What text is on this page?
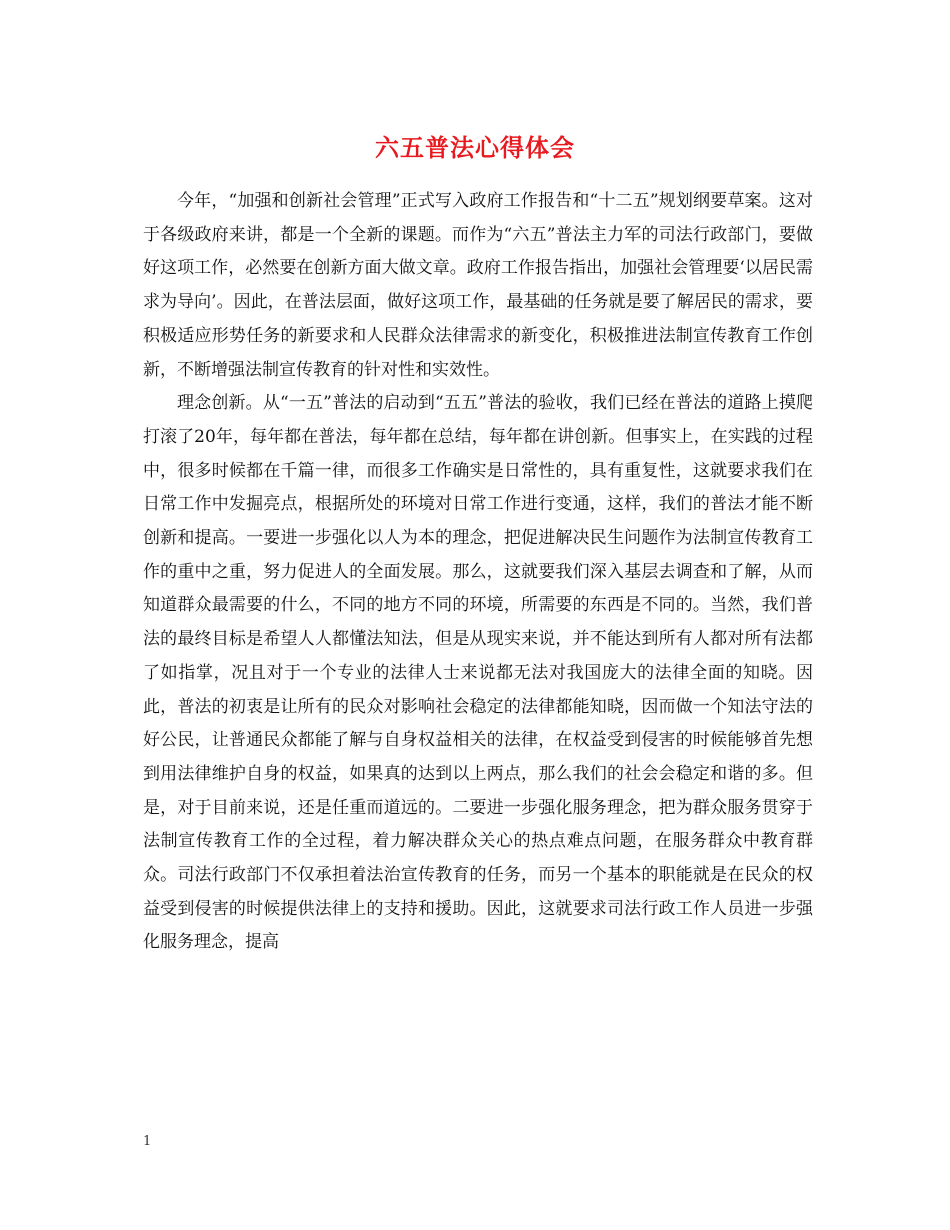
六五普法心得体会

今年，“加强和创新社会管理”正式写入政府工作报告和“十二五”规划纲要草案。这对于各级政府来讲，都是一个全新的课题。而作为“六五”普法主力军的司法行政部门，要做好这项工作，必然要在创新方面大做文章。政府工作报告指出，加强社会管理要‘以居民需求为导向’。因此，在普法层面，做好这项工作，最基础的任务就是要了解居民的需求，要积极适应形势任务的新要求和人民群众法律需求的新变化，积极推进法制宣传教育工作创新，不断增强法制宣传教育的针对性和实效性。

理念创新。从“一五”普法的启动到“五五”普法的验收，我们已经在普法的道路上摸爬打滚了20年，每年都在普法，每年都在总结，每年都在讲创新。但事实上，在实践的过程中，很多时候都在千篇一律，而很多工作确实是日常性的，具有重复性，这就要求我们在日常工作中发掘亮点，根据所处的环境对日常工作进行变通，这样，我们的普法才能不断创新和提高。一要进一步强化以人为本的理念，把促进解决民生问题作为法制宣传教育工作的重中之重，努力促进人的全面发展。那么，这就要我们深入基层去调查和了解，从而知道群众最需要的什么，不同的地方不同的环境，所需要的东西是不同的。当然，我们普法的最终目标是希望人人都懂法知法，但是从现实来说，并不能达到所有人都对所有法都了如指掌，况且对于一个专业的法律人士来说都无法对我国庞大的法律全面的知晓。因此，普法的初衷是让所有的民众对影响社会稳定的法律都能知晓，因而做一个知法守法的好公民，让普通民众都能了解与自身权益相关的法律，在权益受到侵害的时候能够首先想到用法律维护自身的权益，如果真的达到以上两点，那么我们的社会会稳定和谐的多。但是，对于目前来说，还是任重而道远的。二要进一步强化服务理念，把为群众服务贯穿于法制宣传教育工作的全过程，着力解决群众关心的热点难点问题，在服务群众中教育群众。司法行政部门不仅承担着法治宣传教育的任务，而另一个基本的职能就是在民众的权益受到侵害的时候提供法律上的支持和援助。因此，这就要求司法行政工作人员进一步强化服务理念，提高

1
